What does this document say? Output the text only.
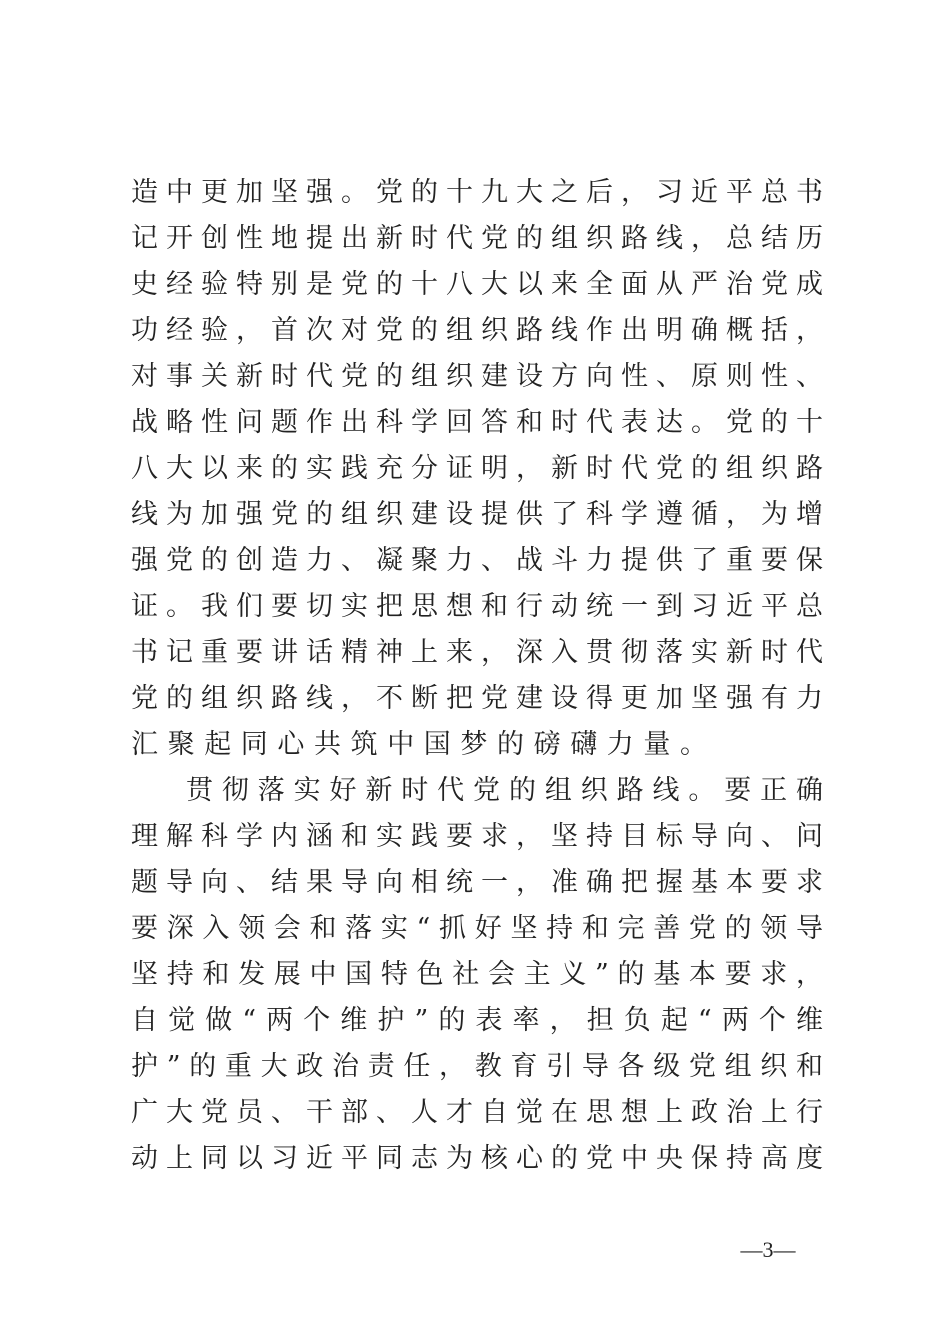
造中更加坚强。党的十九大之后，习近平总书
记开创性地提出新时代党的组织路线，总结历
史经验特别是党的十八大以来全面从严治党成
功经验，首次对党的组织路线作出明确概括，
对事关新时代党的组织建设方向性、原则性、
战略性问题作出科学回答和时代表达。党的十
八大以来的实践充分证明，新时代党的组织路
线为加强党的组织建设提供了科学遵循，为增
强党的创造力、凝聚力、战斗力提供了重要保
证。我们要切实把思想和行动统一到习近平总
书记重要讲话精神上来，深入贯彻落实新时代
党的组织路线，不断把党建设得更加坚强有力
汇聚起同心共筑中国梦的磅礴力量。
贯彻落实好新时代党的组织路线。要正确
理解科学内涵和实践要求，坚持目标导向、问
题导向、结果导向相统一，准确把握基本要求
要深入领会和落实“抓好坚持和完善党的领导
坚持和发展中国特色社会主义”的基本要求，
自觉做“两个维护”的表率，担负起“两个维
护”的重大政治责任，教育引导各级党组织和
广大党员、干部、人才自觉在思想上政治上行
动上同以习近平同志为核心的党中央保持高度
—3—
